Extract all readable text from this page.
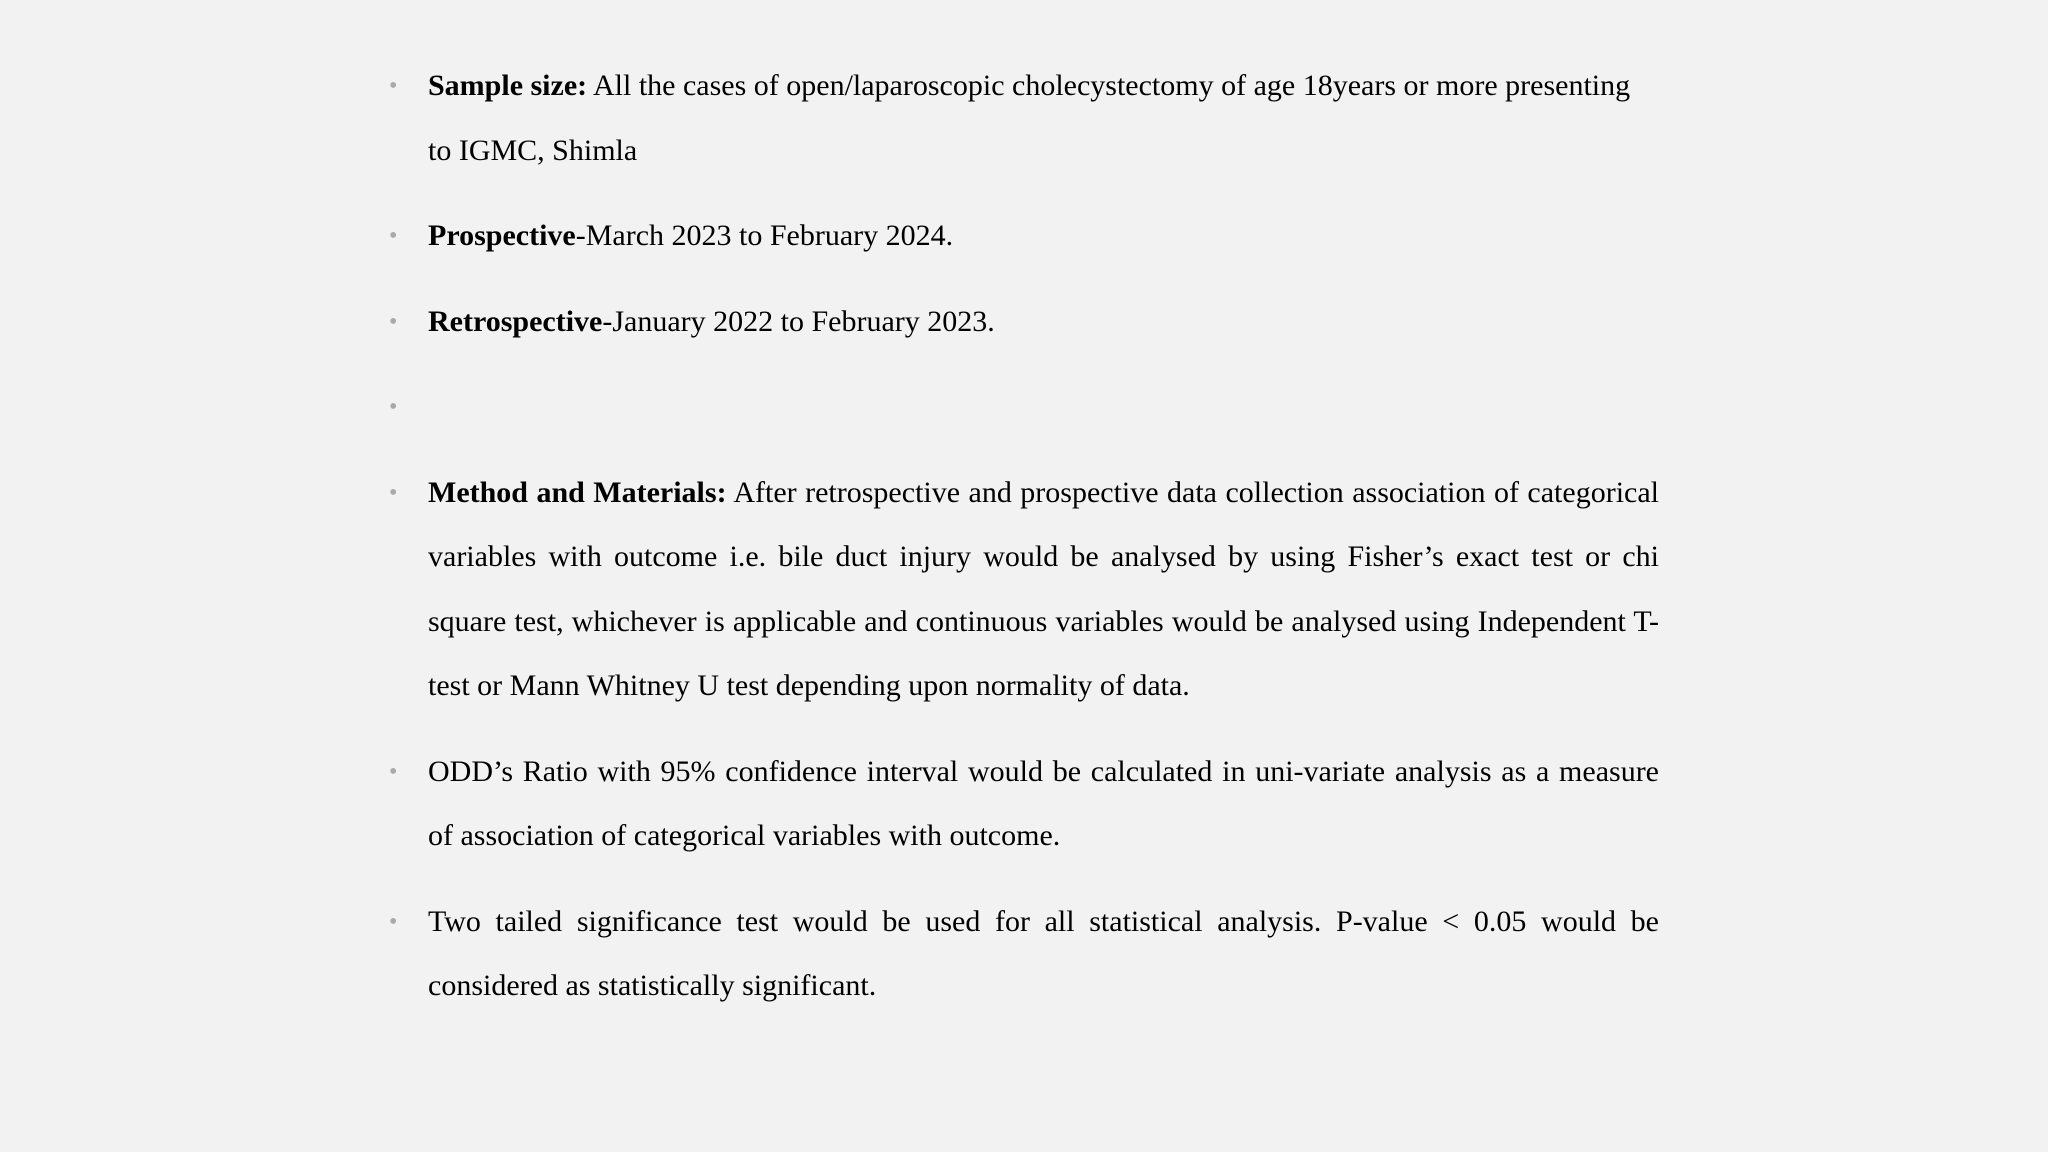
• Sample size: All the cases of open/laparoscopic cholecystectomy of age 18years or more presenting to IGMC, Shimla
• Prospective-March 2023 to February 2024.
• Retrospective-January 2022 to February 2023.
•
• Method and Materials: After retrospective and prospective data collection association of categorical variables with outcome i.e. bile duct injury would be analysed by using Fisher’s exact test or chi square test, whichever is applicable and continuous variables would be analysed using Independent T-test or Mann Whitney U test depending upon normality of data.
• ODD’s Ratio with 95% confidence interval would be calculated in uni-variate analysis as a measure of association of categorical variables with outcome.
• Two tailed significance test would be used for all statistical analysis. P-value < 0.05 would be considered as statistically significant.
